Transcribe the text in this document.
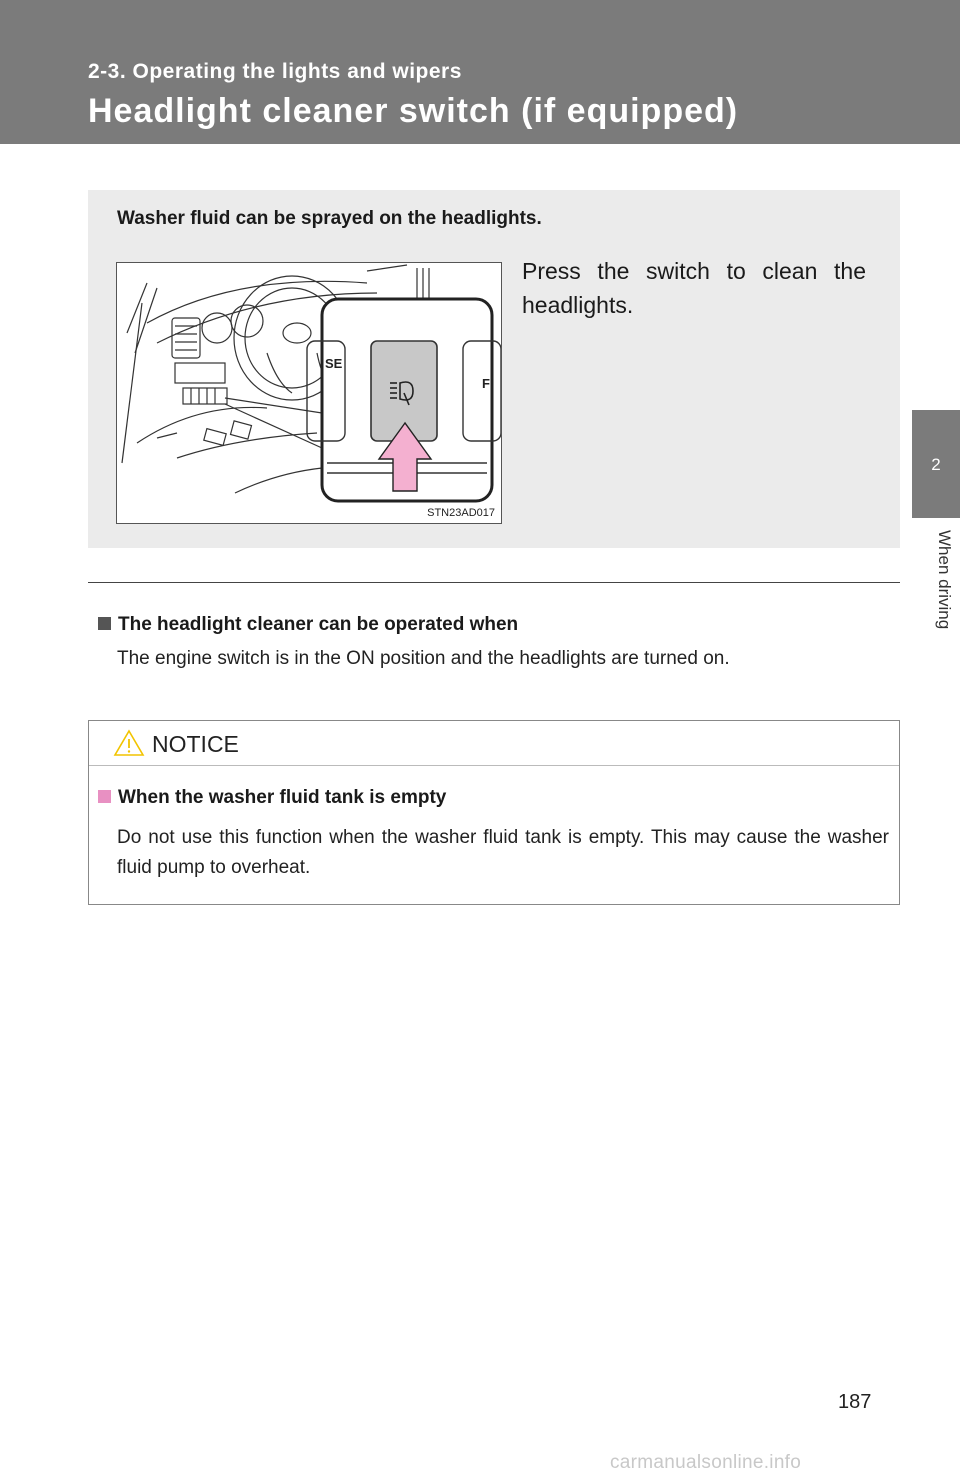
2-3. Operating the lights and wipers
Headlight cleaner switch (if equipped)
2
When driving
Washer fluid can be sprayed on the headlights.
SE
F
STN23AD017
Press the switch to clean the headlights.
The headlight cleaner can be operated when
The engine switch is in the ON position and the headlights are turned on.
NOTICE
When the washer fluid tank is empty
Do not use this function when the washer fluid tank is empty. This may cause the washer fluid pump to overheat.
187
carmanualsonline.info
